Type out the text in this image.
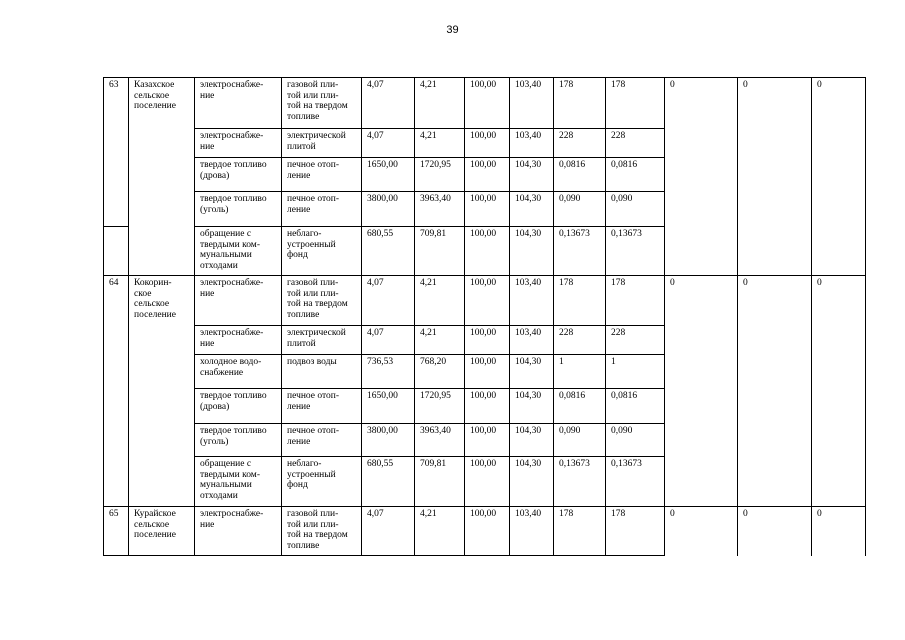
39
63	Казахское
сельское
поселение	электроснабже-
ние	газовой пли-
той или пли-
той на твердом
топливе	4,07	4,21	100,00	103,40	178	178	0	0	0
		электроснабже-
ние	электрической
плитой	4,07	4,21	100,00	103,40	228	228			
		твердое топливо
(дрова)	печное отоп-
ление	1650,00	1720,95	100,00	104,30	0,0816	0,0816			
		твердое топливо
(уголь)	печное отоп-
ление	3800,00	3963,40	100,00	104,30	0,090	0,090			
		обращение с
твердыми ком-
мунальными
отходами	неблаго-
устроенный
фонд	680,55	709,81	100,00	104,30	0,13673	0,13673			
64	Кокорин-
ское
сельское
поселение	электроснабже-
ние	газовой пли-
той или пли-
той на твердом
топливе	4,07	4,21	100,00	103,40	178	178	0	0	0
		электроснабже-
ние	электрической
плитой	4,07	4,21	100,00	103,40	228	228			
		холодное водо-
снабжение	подвоз воды	736,53	768,20	100,00	104,30	1	1			
		твердое топливо
(дрова)	печное отоп-
ление	1650,00	1720,95	100,00	104,30	0,0816	0,0816			
		твердое топливо
(уголь)	печное отоп-
ление	3800,00	3963,40	100,00	104,30	0,090	0,090			
		обращение с
твердыми ком-
мунальными
отходами	неблаго-
устроенный
фонд	680,55	709,81	100,00	104,30	0,13673	0,13673			
65	Курайское
сельское
поселение	электроснабже-
ние	газовой пли-
той или пли-
той на твердом
топливе	4,07	4,21	100,00	103,40	178	178	0	0	0
